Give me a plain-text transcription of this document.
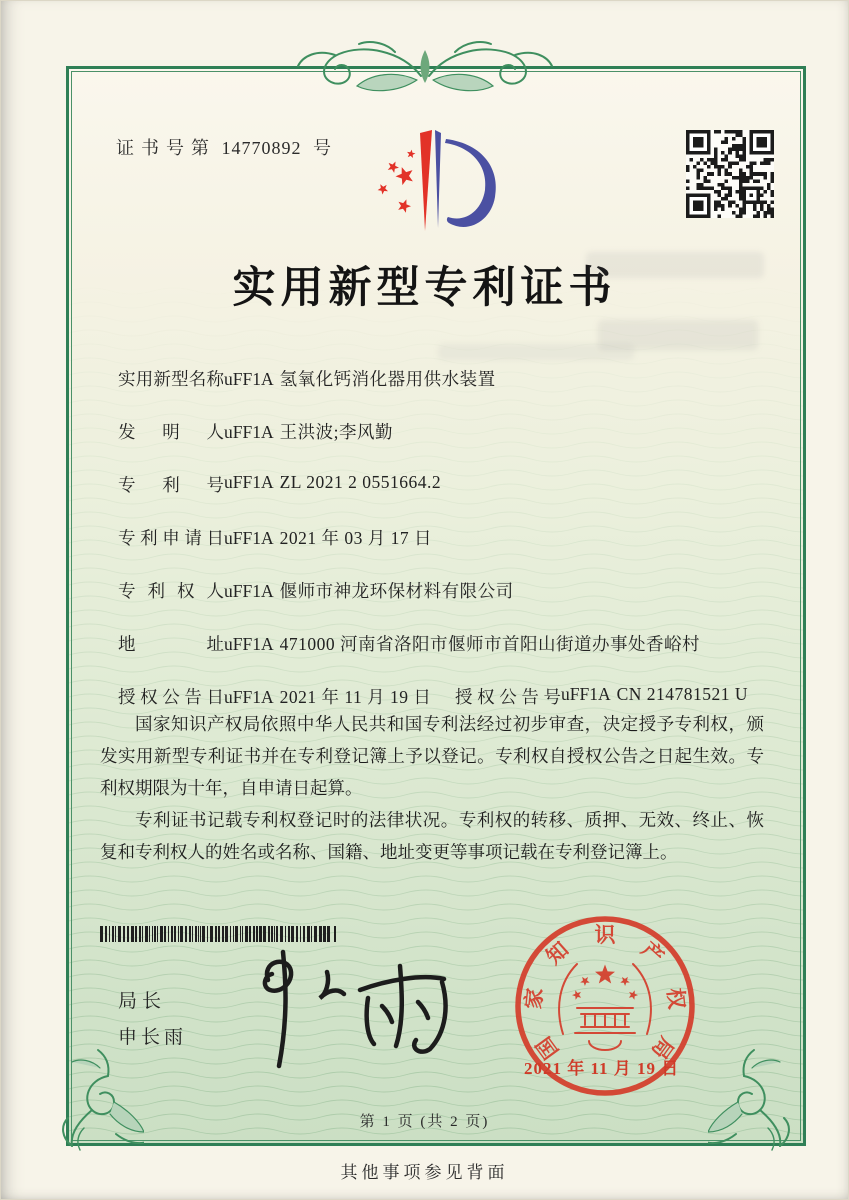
证书号第 14770892 号
实用新型专利证书
实用新型名称 uFF1A	氢氧化钙消化器用供水装置
发明人 uFF1A	王洪波;李风勤
专利号 uFF1A	ZL 2021 2 0551664.2
专利申请日 uFF1A	2021 年 03 月 17 日
专利权人 uFF1A	偃师市神龙环保材料有限公司
地址 uFF1A	471000 河南省洛阳市偃师市首阳山街道办事处香峪村
授权公告日 uFF1A	2021 年 11 月 19 日 授权公告号 uFF1A	CN 214781521 U

国家知识产权局依照中华人民共和国专利法经过初步审查，决定授予专利权，颁发实用新型专利证书并在专利登记簿上予以登记。专利权自授权公告之日起生效。专利权期限为十年，自申请日起算。

专利证书记载专利权登记时的法律状况。专利权的转移、质押、无效、终止、恢复和专利权人的姓名或名称、国籍、地址变更等事项记载在专利登记簿上。

局长
申长雨	国
家
知
识
产
权
局
2021 年 11 月 19 日
第 1 页 (共 2 页)
其他事项参见背面
